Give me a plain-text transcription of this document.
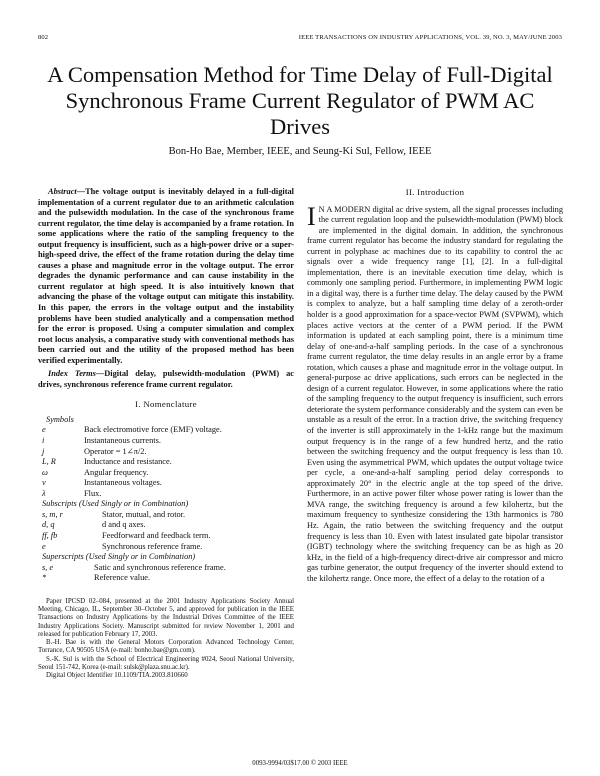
802	IEEE TRANSACTIONS ON INDUSTRY APPLICATIONS, VOL. 39, NO. 3, MAY/JUNE 2003
A Compensation Method for Time Delay of Full-Digital Synchronous Frame Current Regulator of PWM AC Drives
Bon-Ho Bae, Member, IEEE, and Seung-Ki Sul, Fellow, IEEE

Abstract—The voltage output is inevitably delayed in a full-digital implementation of a current regulator due to an arithmetic calculation and the pulsewidth modulation. In the case of the synchronous frame current regulator, the time delay is accompanied by a frame rotation. In some applications where the ratio of the sampling frequency to the output frequency is insufficient, such as a high-power drive or a super-high-speed drive, the effect of the frame rotation during the delay time causes a phase and magnitude error in the voltage output. The error degrades the dynamic performance and can cause instability in the current regulator at high speed. It is also intuitively known that advancing the phase of the voltage output can mitigate this instability. In this paper, the errors in the voltage output and the instability problems have been studied analytically and a compensation method for the error is proposed. Using a computer simulation and complex root locus analysis, a comparative study with conventional methods has been carried out and the utility of the proposed method has been verified experimentally.

Index Terms—Digital delay, pulsewidth-modulation (PWM) ac drives, synchronous reference frame current regulator.

I. Nomenclature

Symbols

e	Back electromotive force (EMF) voltage.
i	Instantaneous currents.
j	Operator = 1∠π/2.
L, R	Inductance and resistance.
ω	Angular frequency.
v	Instantaneous voltages.
λ	Flux.

Subscripts (Used Singly or in Combination)

s, m, r	Stator, mutual, and rotor.
d, q	d and q axes.
ff, fb	Feedforward and feedback term.
e	Synchronous reference frame.

Superscripts (Used Singly or in Combination)

s, e	Satic and synchronous reference frame.
*	Reference value.

Paper IPCSD 02–084, presented at the 2001 Industry Applications Society Annual Meeting, Chicago, IL, September 30–October 5, and approved for publication in the IEEE Transactions on Industry Applications by the Industrial Drives Committee of the IEEE Industry Applications Society. Manuscript submitted for review November 1, 2001 and released for publication February 17, 2003.

B.-H. Bae is with the General Motors Corporation Advanced Technology Center, Torrance, CA 90505 USA (e-mail: bonho.bae@gm.com).

S.-K. Sul is with the School of Electrical Engineering #024, Seoul National University, Seoul 151-742, Korea (e-mail: sulsk@plaza.snu.ac.kr).

Digital Object Identifier 10.1109/TIA.2003.810660

II. Introduction

I N A MODERN digital ac drive system, all the signal processes including the current regulation loop and the pulsewidth-modulation (PWM) block are implemented in the digital domain. In addition, the synchronous frame current regulator has become the industry standard for regulating the current in polyphase ac machines due to its capability to control the ac signals over a wide frequency range [1], [2]. In a full-digital implementation, there is an inevitable execution time delay, which is commonly one sampling period. Furthermore, in implementing PWM logic in a digital way, there is a further time delay. The delay caused by the PWM is complex to analyze, but a half sampling time delay of a zeroth-order holder is a good approximation for a space-vector PWM (SVPWM), which places active vectors at the center of a PWM period. If the PWM information is updated at each sampling point, there is a minimum time delay of one-and-a-half sampling periods. In the case of a synchronous frame current regulator, the time delay results in an angle error by a frame rotation, which causes a phase and magnitude error in the voltage output. In general-purpose ac drive applications, such errors can be neglected in the design of a current regulator. However, in some applications where the ratio of the sampling frequency to the output frequency is insufficient, such errors deteriorate the system performance considerably and the system can even be unstable as a result of the error. In a traction drive, the switching frequency of the inverter is still approximately in the 1-kHz range but the maximum output frequency is in the range of a few hundred hertz, and the ratio between the switching frequency and the output frequency is less than 10. Even using the asymmetrical PWM, which updates the output voltage twice per cycle, a one-and-a-half sampling period delay corresponds to approximately 20° in the electric angle at the top speed of the drive. Furthermore, in an active power filter whose power rating is lower than the MVA range, the switching frequency is around a few kilohertz, but the maximum frequency to synthesize considering the 13th harmonics is 780 Hz. Again, the ratio between the switching frequency and the output frequency is less than 10. Even with latest insulated gate bipolar transistor (IGBT) technology where the switching frequency can be as high as 20 kHz, in the field of a high-frequency direct-drive air compressor and micro gas turbine generator, the output frequency of the inverter should extend to the kilohertz range. Once more, the effect of a delay to the rotation of a

0093-9994/03$17.00 © 2003 IEEE
